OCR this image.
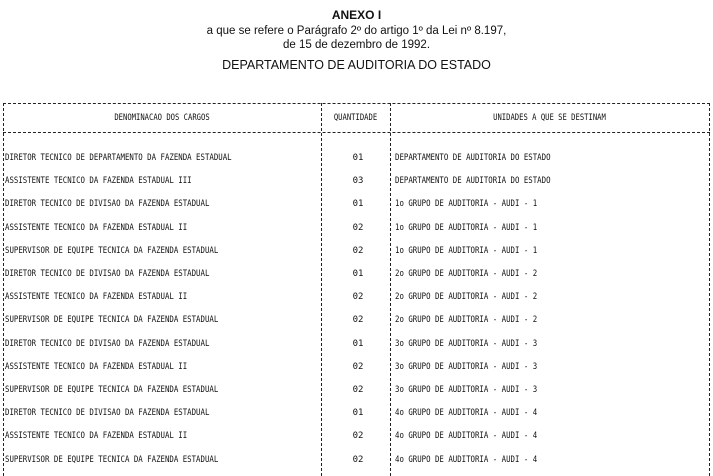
ANEXO I
a que se refere o Parágrafo 2º do artigo 1º da Lei nº 8.197,
de 15 de dezembro de 1992.
DEPARTAMENTO DE AUDITORIA DO ESTADO
DENOMINACAO DOS CARGOS	QUANTIDADE	UNIDADES A QUE SE DESTINAM
DIRETOR TECNICO DE DEPARTAMENTO DA FAZENDA ESTADUAL	01	DEPARTAMENTO DE AUDITORIA DO ESTADO
ASSISTENTE TECNICO DA FAZENDA ESTADUAL III	03	DEPARTAMENTO DE AUDITORIA DO ESTADO
DIRETOR TECNICO DE DIVISAO DA FAZENDA ESTADUAL	01	1o GRUPO DE AUDITORIA - AUDI - 1
ASSISTENTE TECNICO DA FAZENDA ESTADUAL II	02	1o GRUPO DE AUDITORIA - AUDI - 1
SUPERVISOR DE EQUIPE TECNICA DA FAZENDA ESTADUAL	02	1o GRUPO DE AUDITORIA - AUDI - 1
DIRETOR TECNICO DE DIVISAO DA FAZENDA ESTADUAL	01	2o GRUPO DE AUDITORIA - AUDI - 2
ASSISTENTE TECNICO DA FAZENDA ESTADUAL II	02	2o GRUPO DE AUDITORIA - AUDI - 2
SUPERVISOR DE EQUIPE TECNICA DA FAZENDA ESTADUAL	02	2o GRUPO DE AUDITORIA - AUDI - 2
DIRETOR TECNICO DE DIVISAO DA FAZENDA ESTADUAL	01	3o GRUPO DE AUDITORIA - AUDI - 3
ASSISTENTE TECNICO DA FAZENDA ESTADUAL II	02	3o GRUPO DE AUDITORIA - AUDI - 3
SUPERVISOR DE EQUIPE TECNICA DA FAZENDA ESTADUAL	02	3o GRUPO DE AUDITORIA - AUDI - 3
DIRETOR TECNICO DE DIVISAO DA FAZENDA ESTADUAL	01	4o GRUPO DE AUDITORIA - AUDI - 4
ASSISTENTE TECNICO DA FAZENDA ESTADUAL II	02	4o GRUPO DE AUDITORIA - AUDI - 4
SUPERVISOR DE EQUIPE TECNICA DA FAZENDA ESTADUAL	02	4o GRUPO DE AUDITORIA - AUDI - 4
